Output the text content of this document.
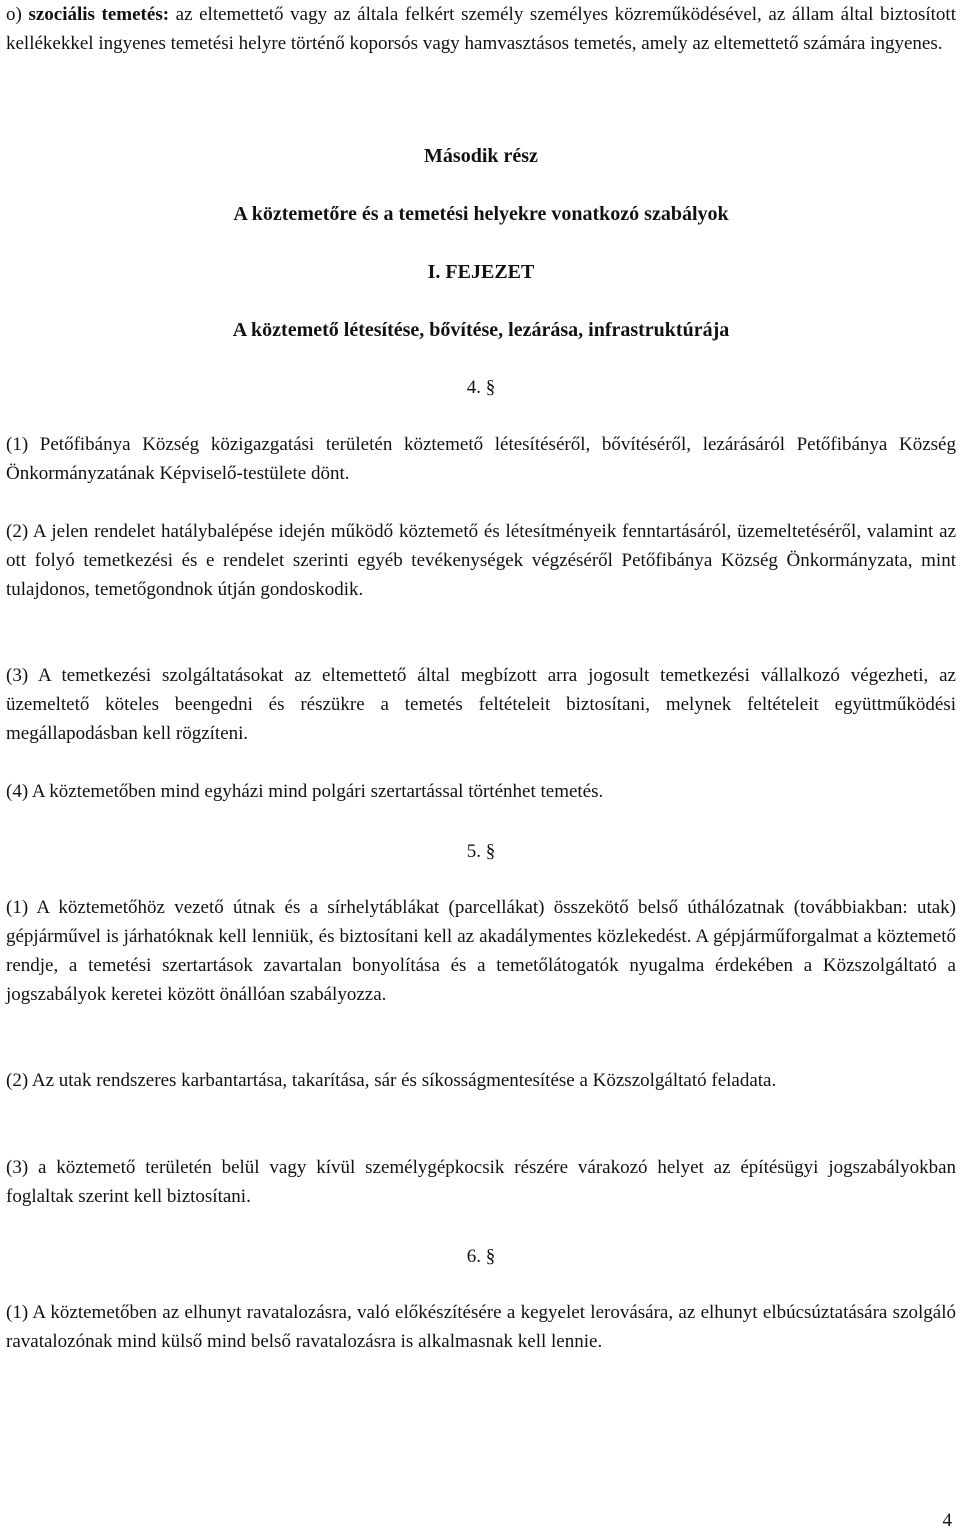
o) szociális temetés: az eltemettető vagy az általa felkért személy személyes közreműködésével, az állam által biztosított kellékekkel ingyenes temetési helyre történő koporsós vagy hamvasztásos temetés, amely az eltemettető számára ingyenes.

Második rész

A köztemetőre és a temetési helyekre vonatkozó szabályok

I. FEJEZET

A köztemető létesítése, bővítése, lezárása, infrastruktúrája

4. §

(1) Petőfibánya Község közigazgatási területén köztemető létesítéséről, bővítéséről, lezárásáról Petőfibánya Község Önkormányzatának Képviselő-testülete dönt.

(2) A jelen rendelet hatálybalépése idején működő köztemető és létesítményeik fenntartásáról, üzemeltetéséről, valamint az ott folyó temetkezési és e rendelet szerinti egyéb tevékenységek végzéséről Petőfibánya Község Önkormányzata, mint tulajdonos, temetőgondnok útján gondoskodik.

(3) A temetkezési szolgáltatásokat az eltemettető által megbízott arra jogosult temetkezési vállalkozó végezheti, az üzemeltető köteles beengedni és részükre a temetés feltételeit biztosítani, melynek feltételeit együttműködési megállapodásban kell rögzíteni.

(4) A köztemetőben mind egyházi mind polgári szertartással történhet temetés.

5. §

(1) A köztemetőhöz vezető útnak és a sírhelytáblákat (parcellákat) összekötő belső úthálózatnak (továbbiakban: utak) gépjárművel is járhatóknak kell lenniük, és biztosítani kell az akadálymentes közlekedést. A gépjárműforgalmat a köztemető rendje, a temetési szertartások zavartalan bonyolítása és a temetőlátogatók nyugalma érdekében a Közszolgáltató a jogszabályok keretei között önállóan szabályozza.

(2) Az utak rendszeres karbantartása, takarítása, sár és síkosságmentesítése a Közszolgáltató feladata.

(3) a köztemető területén belül vagy kívül személygépkocsik részére várakozó helyet az építésügyi jogszabályokban foglaltak szerint kell biztosítani.

6. §

(1) A köztemetőben az elhunyt ravatalozásra, való előkészítésére a kegyelet lerovására, az elhunyt elbúcsúztatására szolgáló ravatalozónak mind külső mind belső ravatalozásra is alkalmasnak kell lennie.

4
